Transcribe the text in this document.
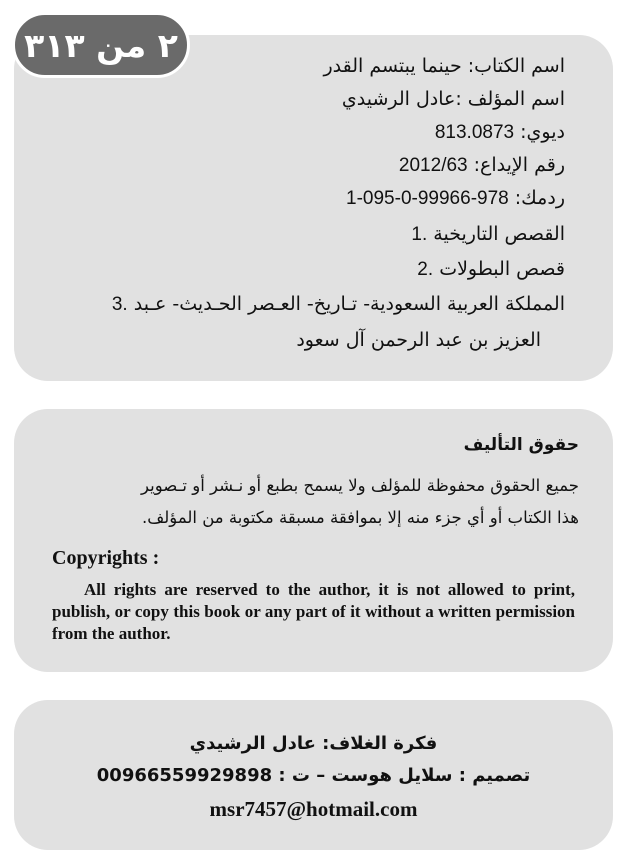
٢ من ٣١٣
اسم الكتاب: حينما يبتسم القدر
اسم المؤلف :عادل الرشيدي
ديوي: 813.0873
رقم الإيداع: 2012/63
ردمك: 978-99966-0-095-1
1. القصص التاريخية
2. قصص البطولات
3. المملكة العربية السعودية- تـاريخ- العـصر الحـديث- عـبد
العزيز بن عبد الرحمن آل سعود
حقوق التأليف
جميع الحقوق محفوظة للمؤلف ولا يسمح بطبع أو نـشر أو تـصوير
هذا الكتاب أو أي جزء منه إلا بموافقة مسبقة مكتوبة من المؤلف.
Copyrights :
All rights are reserved to the author, it is not allowed to print, publish, or copy this book or any part of it without a written permission from the author.
فكرة الغلاف: عادل الرشيدي
تصميم : سلايل هوست – ت : 00966559929898
msr7457@hotmail.com
